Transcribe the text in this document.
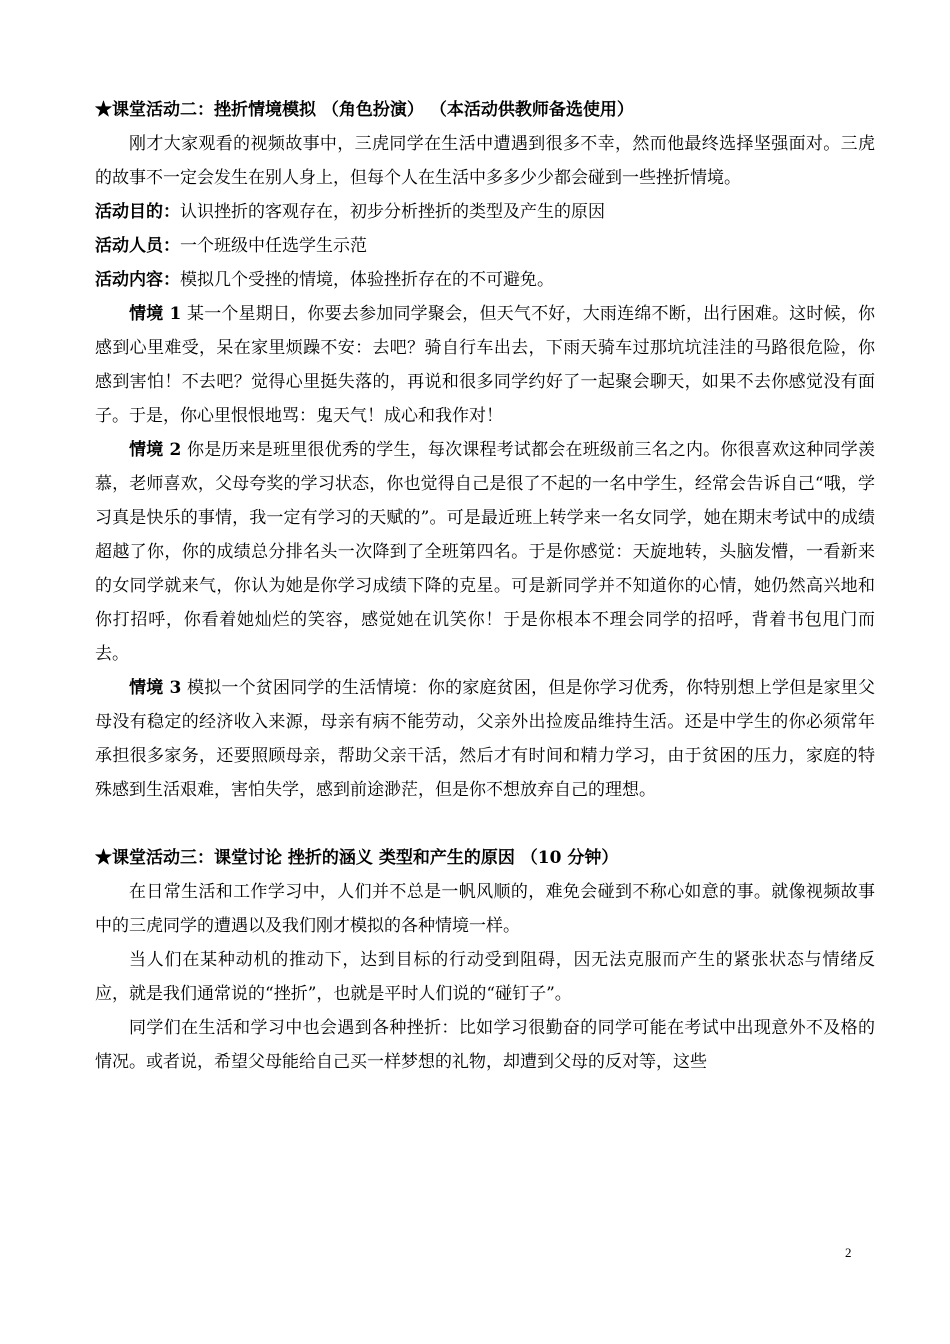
★课堂活动二：挫折情境模拟 （角色扮演） （本活动供教师备选使用）

刚才大家观看的视频故事中，三虎同学在生活中遭遇到很多不幸，然而他最终选择坚强面对。三虎的故事不一定会发生在别人身上，但每个人在生活中多多少少都会碰到一些挫折情境。

活动目的：认识挫折的客观存在，初步分析挫折的类型及产生的原因

活动人员：一个班级中任选学生示范

活动内容：模拟几个受挫的情境，体验挫折存在的不可避免。

情境 1 某一个星期日，你要去参加同学聚会，但天气不好，大雨连绵不断，出行困难。这时候，你感到心里难受，呆在家里烦躁不安：去吧？骑自行车出去，下雨天骑车过那坑坑洼洼的马路很危险，你感到害怕！不去吧？觉得心里挺失落的，再说和很多同学约好了一起聚会聊天，如果不去你感觉没有面子。于是，你心里恨恨地骂：鬼天气！成心和我作对！

情境 2 你是历来是班里很优秀的学生，每次课程考试都会在班级前三名之内。你很喜欢这种同学羡慕，老师喜欢，父母夸奖的学习状态，你也觉得自己是很了不起的一名中学生，经常会告诉自己“哦，学习真是快乐的事情，我一定有学习的天赋的”。可是最近班上转学来一名女同学，她在期末考试中的成绩超越了你，你的成绩总分排名头一次降到了全班第四名。于是你感觉：天旋地转，头脑发懵，一看新来的女同学就来气，你认为她是你学习成绩下降的克星。可是新同学并不知道你的心情，她仍然高兴地和你打招呼，你看着她灿烂的笑容，感觉她在讥笑你！于是你根本不理会同学的招呼，背着书包甩门而去。

情境 3 模拟一个贫困同学的生活情境：你的家庭贫困，但是你学习优秀，你特别想上学但是家里父母没有稳定的经济收入来源，母亲有病不能劳动，父亲外出捡废品维持生活。还是中学生的你必须常年承担很多家务，还要照顾母亲，帮助父亲干活，然后才有时间和精力学习，由于贫困的压力，家庭的特殊感到生活艰难，害怕失学，感到前途渺茫，但是你不想放弃自己的理想。

★课堂活动三：课堂讨论 挫折的涵义 类型和产生的原因 （10 分钟）

在日常生活和工作学习中，人们并不总是一帆风顺的，难免会碰到不称心如意的事。就像视频故事中的三虎同学的遭遇以及我们刚才模拟的各种情境一样。

当人们在某种动机的推动下，达到目标的行动受到阻碍，因无法克服而产生的紧张状态与情绪反应，就是我们通常说的“挫折”，也就是平时人们说的“碰钉子”。

同学们在生活和学习中也会遇到各种挫折：比如学习很勤奋的同学可能在考试中出现意外不及格的情况。或者说，希望父母能给自己买一样梦想的礼物，却遭到父母的反对等，这些

2
